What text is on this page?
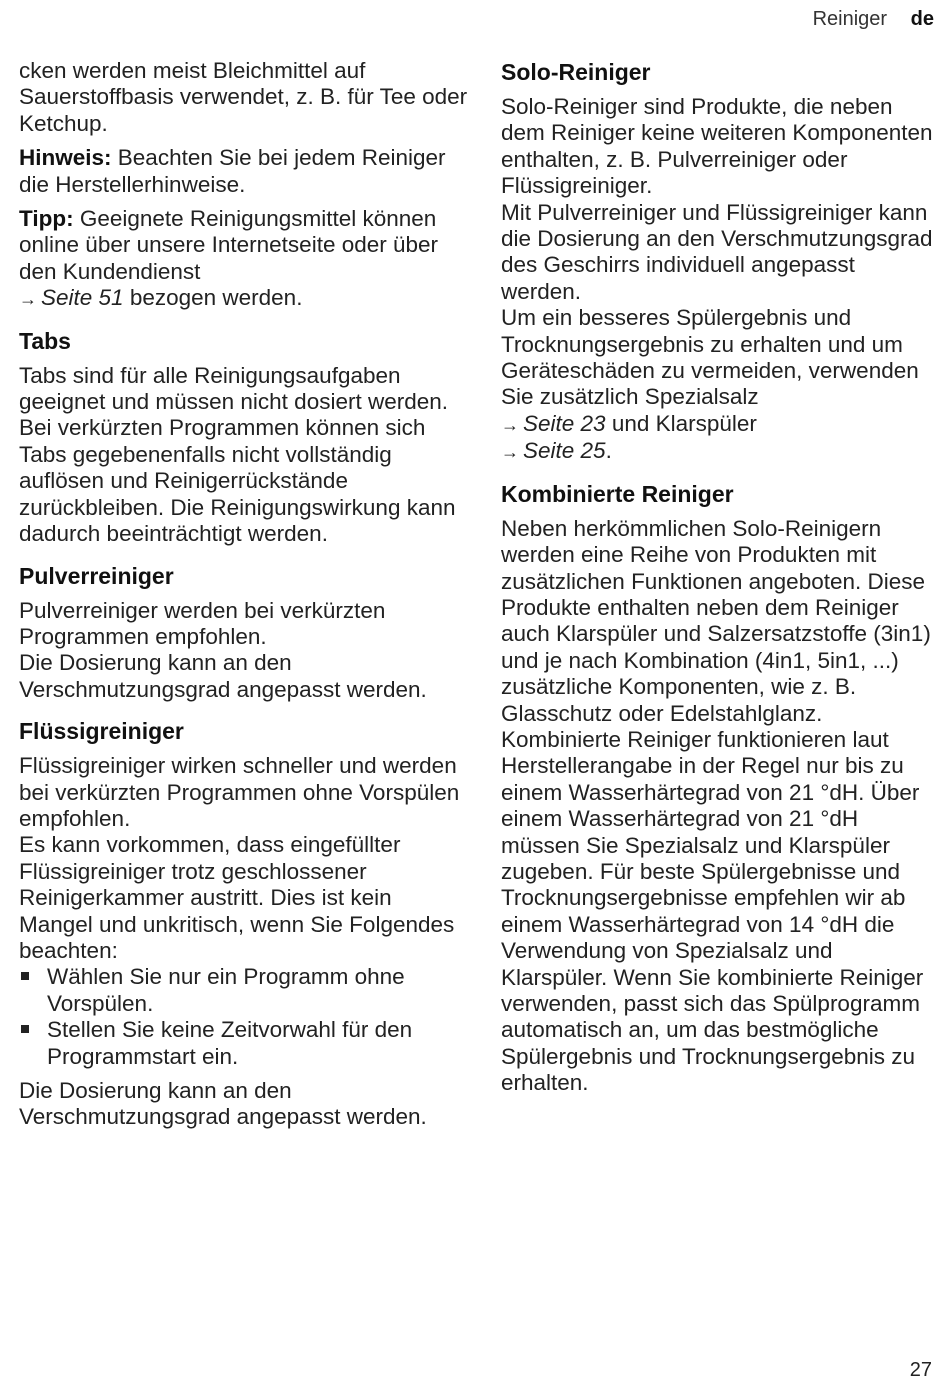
Reiniger de

cken werden meist Bleichmittel auf Sauerstoffbasis verwendet, z. B. für Tee oder Ketchup.

Hinweis: Beachten Sie bei jedem Reiniger die Herstellerhinweise.

Tipp: Geeignete Reinigungsmittel können online über unsere Internetseite oder über den Kundendienst
→ Seite 51 bezogen werden.

Tabs

Tabs sind für alle Reinigungsaufgaben geeignet und müssen nicht dosiert werden.

Bei verkürzten Programmen können sich Tabs gegebenenfalls nicht vollständig auflösen und Reinigerrückstände zurückbleiben. Die Reinigungswirkung kann dadurch beeinträchtigt werden.

Pulverreiniger

Pulverreiniger werden bei verkürzten Programmen empfohlen.

Die Dosierung kann an den Verschmutzungsgrad angepasst werden.

Flüssigreiniger

Flüssigreiniger wirken schneller und werden bei verkürzten Programmen ohne Vorspülen empfohlen.

Es kann vorkommen, dass eingefüllter Flüssigreiniger trotz geschlossener Reinigerkammer austritt. Dies ist kein Mangel und unkritisch, wenn Sie Folgendes beachten:

Wählen Sie nur ein Programm ohne Vorspülen.
Stellen Sie keine Zeitvorwahl für den Programmstart ein.

Die Dosierung kann an den Verschmutzungsgrad angepasst werden.

Solo-Reiniger

Solo-Reiniger sind Produkte, die neben dem Reiniger keine weiteren Komponenten enthalten, z. B. Pulverreiniger oder Flüssigreiniger.

Mit Pulverreiniger und Flüssigreiniger kann die Dosierung an den Verschmutzungsgrad des Geschirrs individuell angepasst werden.

Um ein besseres Spülergebnis und Trocknungsergebnis zu erhalten und um Geräteschäden zu vermeiden, verwenden Sie zusätzlich Spezialsalz
→ Seite 23 und Klarspüler
→ Seite 25.

Kombinierte Reiniger

Neben herkömmlichen Solo-Reinigern werden eine Reihe von Produkten mit zusätzlichen Funktionen angeboten. Diese Produkte enthalten neben dem Reiniger auch Klarspüler und Salzersatzstoffe (3in1) und je nach Kombination (4in1, 5in1, ...) zusätzliche Komponenten, wie z. B. Glasschutz oder Edelstahlglanz.

Kombinierte Reiniger funktionieren laut Herstellerangabe in der Regel nur bis zu einem Wasserhärtegrad von 21 °dH. Über einem Wasserhärtegrad von 21 °dH müssen Sie Spezialsalz und Klarspüler zugeben. Für beste Spülergebnisse und Trocknungsergebnisse empfehlen wir ab einem Wasserhärtegrad von 14 °dH die Verwendung von Spezialsalz und Klarspüler. Wenn Sie kombinierte Reiniger verwenden, passt sich das Spülprogramm automatisch an, um das bestmögliche Spülergebnis und Trocknungsergebnis zu erhalten.

27
